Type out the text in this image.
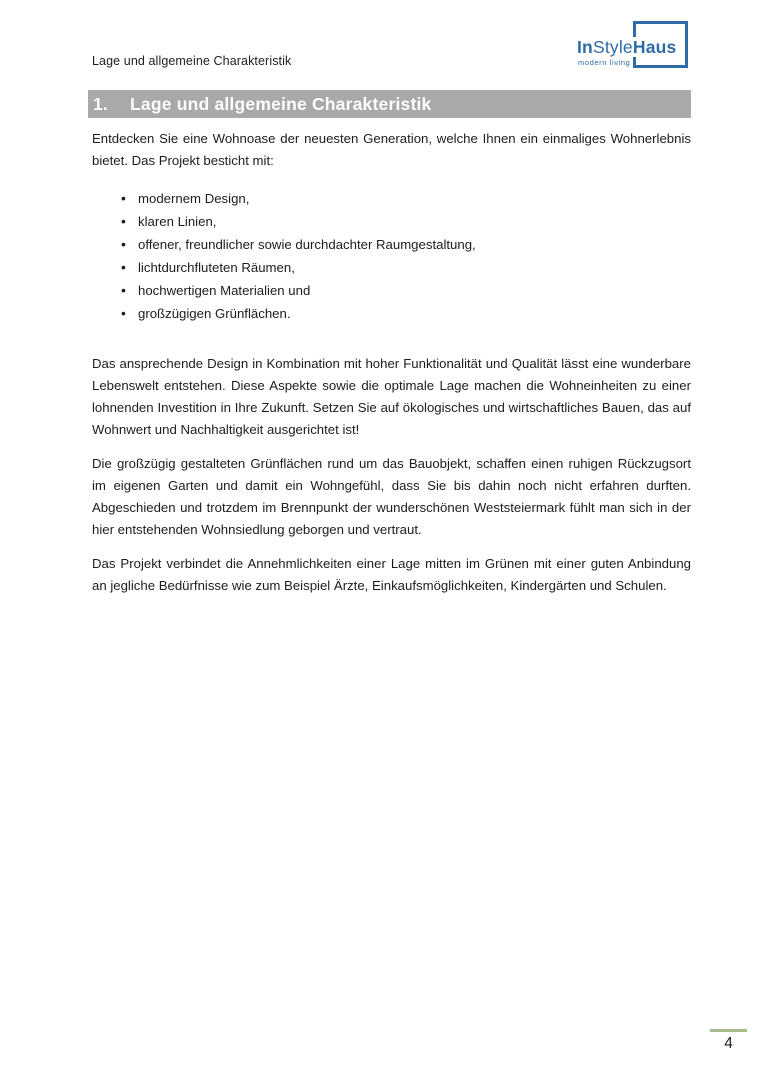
Lage und allgemeine Charakteristik
InStyleHaus
modern living
1. Lage und allgemeine Charakteristik

Entdecken Sie eine Wohnoase der neuesten Generation, welche Ihnen ein einmaliges Wohnerlebnis bietet. Das Projekt besticht mit:

• modernem Design,
• klaren Linien,
• offener, freundlicher sowie durchdachter Raumgestaltung,
• lichtdurchfluteten Räumen,
• hochwertigen Materialien und
• großzügigen Grünflächen.

Das ansprechende Design in Kombination mit hoher Funktionalität und Qualität lässt eine wunderbare Lebenswelt entstehen. Diese Aspekte sowie die optimale Lage machen die Wohneinheiten zu einer lohnenden Investition in Ihre Zukunft. Setzen Sie auf ökologisches und wirtschaftliches Bauen, das auf Wohnwert und Nachhaltigkeit ausgerichtet ist!

Die großzügig gestalteten Grünflächen rund um das Bauobjekt, schaffen einen ruhigen Rückzugsort im eigenen Garten und damit ein Wohngefühl, dass Sie bis dahin noch nicht erfahren durften. Abgeschieden und trotzdem im Brennpunkt der wunderschönen Weststeiermark fühlt man sich in der hier entstehenden Wohnsiedlung geborgen und vertraut.

Das Projekt verbindet die Annehmlichkeiten einer Lage mitten im Grünen mit einer guten Anbindung an jegliche Bedürfnisse wie zum Beispiel Ärzte, Einkaufsmöglichkeiten, Kindergärten und Schulen.

4
